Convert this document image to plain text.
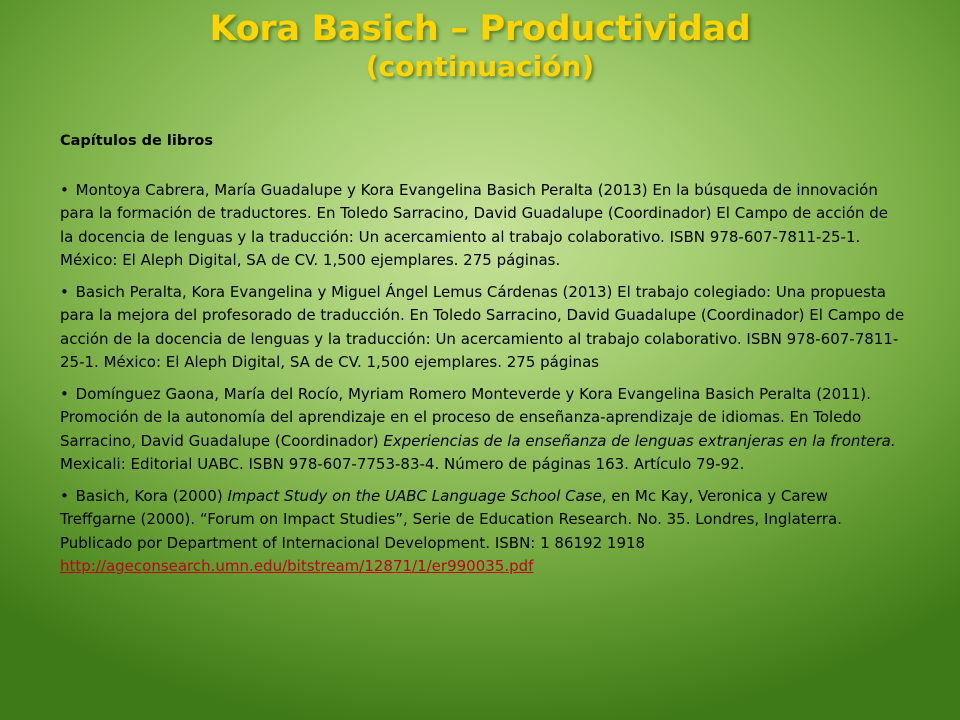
Kora Basich – Productividad
(continuación)

Capítulos de libros

• Montoya Cabrera, María Guadalupe y Kora Evangelina Basich Peralta (2013) En la búsqueda de innovación para la formación de traductores. En Toledo Sarracino, David Guadalupe (Coordinador) El Campo de acción de la docencia de lenguas y la traducción: Un acercamiento al trabajo colaborativo. ISBN 978-607-7811-25-1. México: El Aleph Digital, SA de CV. 1,500 ejemplares. 275 páginas.
• Basich Peralta, Kora Evangelina y Miguel Ángel Lemus Cárdenas (2013) El trabajo colegiado: Una propuesta para la mejora del profesorado de traducción. En Toledo Sarracino, David Guadalupe (Coordinador) El Campo de acción de la docencia de lenguas y la traducción: Un acercamiento al trabajo colaborativo. ISBN 978-607-7811-25-1. México: El Aleph Digital, SA de CV. 1,500 ejemplares. 275 páginas
• Domínguez Gaona, María del Rocío, Myriam Romero Monteverde y Kora Evangelina Basich Peralta (2011). Promoción de la autonomía del aprendizaje en el proceso de enseñanza-aprendizaje de idiomas. En Toledo Sarracino, David Guadalupe (Coordinador) Experiencias de la enseñanza de lenguas extranjeras en la frontera. Mexicali: Editorial UABC. ISBN 978-607-7753-83-4. Número de páginas 163. Artículo 79-92.
• Basich, Kora (2000) Impact Study on the UABC Language School Case, en Mc Kay, Veronica y Carew Treffgarne (2000). “Forum on Impact Studies”, Serie de Education Research. No. 35. Londres, Inglaterra. Publicado por Department of Internacional Development. ISBN: 1 86192 1918 http://ageconsearch.umn.edu/bitstream/12871/1/er990035.pdf
